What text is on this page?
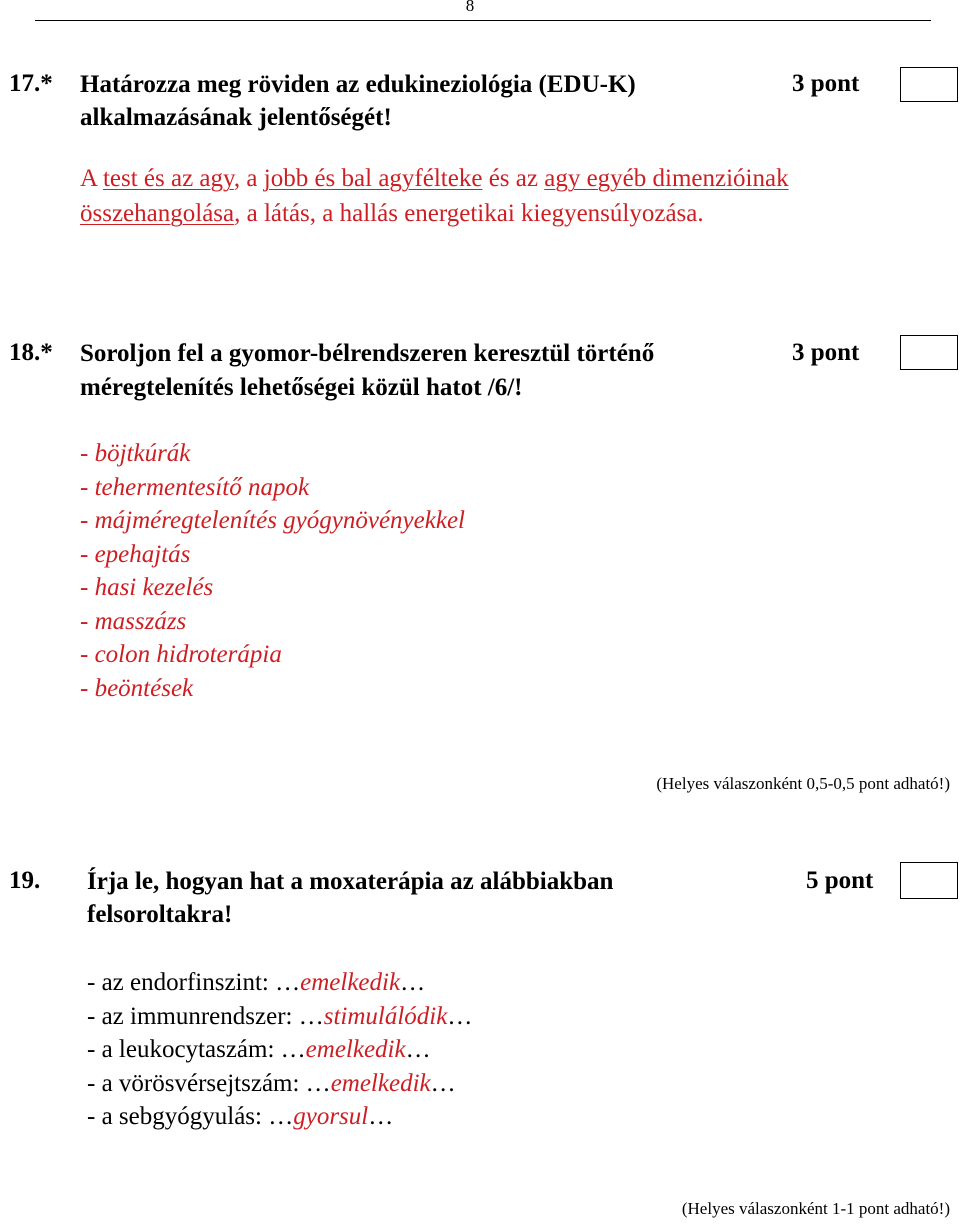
8
17.* Határozza meg röviden az edukineziológia (EDU-K)
alkalmazásának jelentőségét!
3 pont
A test és az agy, a jobb és bal agyfélteke és az agy egyéb dimenzióinak
összehangolása, a látás, a hallás energetikai kiegyensúlyozása.
18.* Soroljon fel a gyomor-bélrendszeren keresztül történő
méregtelenítés lehetőségei közül hatot /6/!
3 pont
- böjtkúrák
- tehermentesítő napok
- májméregtelenítés gyógynövényekkel
- epehajtás
- hasi kezelés
- masszázs
- colon hidroterápia
- beöntések
(Helyes válaszonként 0,5-0,5 pont adható!)
19. Írja le, hogyan hat a moxaterápia az alábbiakban
felsoroltakra!
5 pont
- az endorfinszint: …emelkedik…
- az immunrendszer: …stimulálódik…
- a leukocytaszám: …emelkedik…
- a vörösvérsejtszám: …emelkedik…
- a sebgyógyulás: …gyorsul…
(Helyes válaszonként 1-1 pont adható!)
